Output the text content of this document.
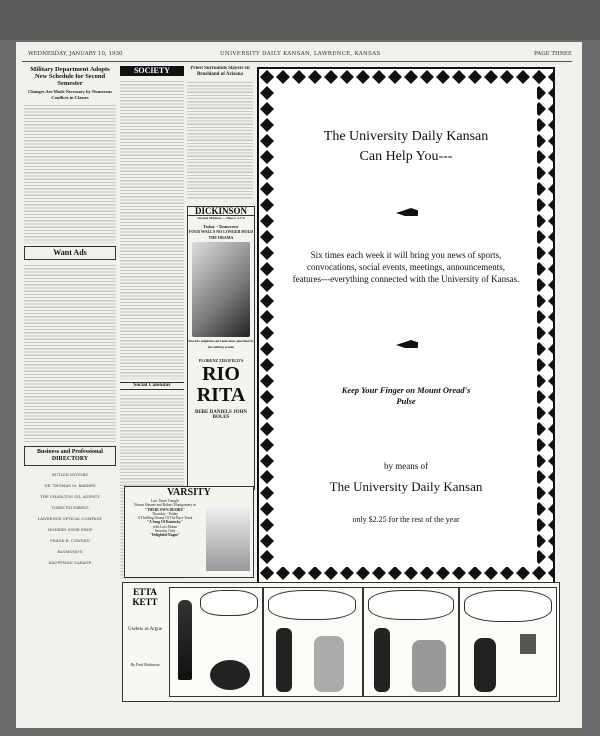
WEDNESDAY, JANUARY 10, 1930	UNIVERSITY DAILY KANSAN, LAWRENCE, KANSAS	PAGE THREE
Military Department Adopts New Schedule for Second Semester
Changes Are Made Necessary by Numerous Conflicts in Classes
Want Ads
Business and Professional DIRECTORY
BUTLER MOTORS
DR. THOMAS M. BARNES
THE CHARLTON OIL AGENCY
TOBIN PLUMBING
LAWRENCE OPTICAL COMPANY
MODERN SHOE SHOP
FRANK B. COWDEN
RAYMOND'S
KAUFFMAN GARAGE
SOCIETY
Social Calendar
Priest Surrounds Slayers In Brushland of Arizona
DICKINSON
Second Matinee — Shows 3-7-9
Today - Tomorrow
FOUR WALLS NO LONGER HOLD THE DRAMA
World's mightiest girl and show glorified by the talking screen
FLORENZ ZIEGFELD'S
RIO RITA
BEBE DANIELS JOHN BOLES
VARSITY
Last Times Tonight
Norma Shearer and Robert Montgomery in
"THEIR OWN DESIRE"
Thursday - Friday
A Thrilling Drama Of The Race Track
"A Song Of Kentucky"
with Lois Moran
Saturday Only
"Delightful Rogue"
The University Daily Kansan
Can Help You---
Six times each week it will bring you news of sports, convocations, social events, meetings, announcements, features---everything connected with the University of Kansas.
Keep Your Finger on Mount Oread's Pulse
by means of
The University Daily Kansan
only $2.25 for the rest of the year
ETTA KETT
Useless as Argue
By Paul Robinson
